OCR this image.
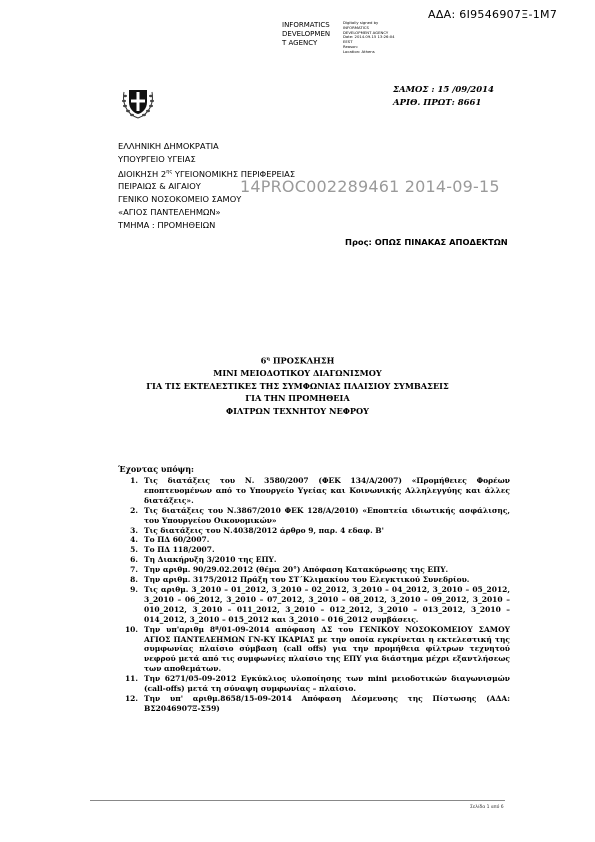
ΑΔΑ: 6Ι9546907Ξ-1Μ7
INFORMATICS
DEVELOPMEN
T AGENCY
Digitally signed by
INFORMATICS
DEVELOPMENT AGENCY
Date: 2014.09.15 13:26:04
EEST
Reason:
Location: Athens
ΣΑΜΟΣ : 15 /09/2014
ΑΡΙΘ. ΠΡΩΤ: 8661
ΕΛΛΗΝΙΚΗ ΔΗΜΟΚΡΑΤΙΑ
ΥΠΟΥΡΓΕΙΟ ΥΓΕΙΑΣ
ΔΙΟΙΚΗΣΗ $2^{\eta\varsigma}$ ΥΓΕΙΟΝΟΜΙΚΗΣ ΠΕΡΙΦΕΡΕΙΑΣ
ΠΕΙΡΑΙΩΣ & ΑΙΓΑΙΟΥ
ΓΕΝΙΚΟ ΝΟΣΟΚΟΜΕΙΟ ΣΑΜΟΥ
«ΑΓΙΟΣ ΠΑΝΤΕΛΕΗΜΩΝ»
ΤΜΗΜΑ : ΠΡΟΜΗΘΕΙΩΝ
14PROC002289461 2014-09-15
Προς: ΟΠΩΣ ΠΙΝΑΚΑΣ ΑΠΟΔΕΚΤΩΝ
$6^\eta$ ΠΡΟΣΚΛΗΣΗ
ΜΙΝΙ ΜΕΙΟΔΟΤΙΚΟΥ ΔΙΑΓΩΝΙΣΜΟΥ
ΓΙΑ ΤΙΣ ΕΚΤΕΛΕΣΤΙΚΕΣ ΤΗΣ ΣΥΜΦΩΝΙΑΣ ΠΛΑΙΣΙΟΥ ΣΥΜΒΑΣΕΙΣ
ΓΙΑ ΤΗΝ ΠΡΟΜΗΘΕΙΑ
ΦΙΛΤΡΩΝ ΤΕΧΝΗΤΟΥ ΝΕΦΡΟΥ
Έχοντας υπόψη:
1. Τις διατάξεις του Ν. 3580/2007 (ΦΕΚ 134/Α/2007) «Προμήθειες Φορέων εποπτευομένων από το Υπουργείο Υγείας και Κοινωνικής Αλληλεγγύης και άλλες διατάξεις».
2. Τις διατάξεις του Ν.3867/2010 ΦΕΚ 128/Α/2010) «Εποπτεία ιδιωτικής ασφάλισης, του Υπουργείου Οικονομικών»
3. Τις διατάξεις του Ν.4038/2012 άρθρο 9, παρ. 4 εδαφ. Β'
4. Το ΠΔ 60/2007.
5. Το ΠΔ 118/2007.
6. Τη Διακήρυξη 3/2010 της ΕΠΥ.
7. Την αριθμ. 90/29.02.2012 (θέμα 20°) Απόφαση Κατακύρωσης της ΕΠΥ.
8. Την αριθμ. 3175/2012 Πράξη του ΣΤ΄Κλιμακίου του Ελεγκτικού Συνεδρίου.
9. Τις αριθμ. 3_2010 – 01_2012, 3_2010 – 02_2012, 3_2010 – 04_2012, 3_2010 – 05_2012, 3_2010 – 06_2012, 3_2010 – 07_2012, 3_2010 – 08_2012, 3_2010 – 09_2012, 3_2010 – 010_2012, 3_2010 – 011_2012, 3_2010 – 012_2012, 3_2010 – 013_2012, 3_2010 – 014_2012, 3_2010 – 015_2012 και 3_2010 – 016_2012 συμβάσεις.
10. Την υπ'αριθμ 8ª/01-09-2014 απόφαση ΔΣ του ΓΕΝΙΚΟΥ ΝΟΣΟΚΟΜΕΙΟΥ ΣΑΜΟΥ ΑΓΙΟΣ ΠΑΝΤΕΛΕΗΜΩΝ ΓΝ-ΚΥ ΙΚΑΡΙΑΣ με την οποία εγκρίνεται η εκτελεστική της συμφωνίας πλαίσιο σύμβαση (call offs) για την προμήθεια φίλτρων τεχνητού νεφρού μετά από τις συμφωνίες πλαίσιο της ΕΠΥ για διάστημα μέχρι εξαντλήσεως των αποθεμάτων.
11. Την 6271/05-09-2012 Εγκύκλιος υλοποίησης των mini μειοδοτικών διαγωνισμών (call-offs) μετά τη σύναψη συμφωνίας – πλαίσιο.
12. Την υπ' αριθμ.8658/15-09-2014 Απόφαση Δέσμευσης της Πίστωσης (ΑΔΑ: ΒΣ2046907Ξ-Σ59)
Σελίδα 1 από 6
